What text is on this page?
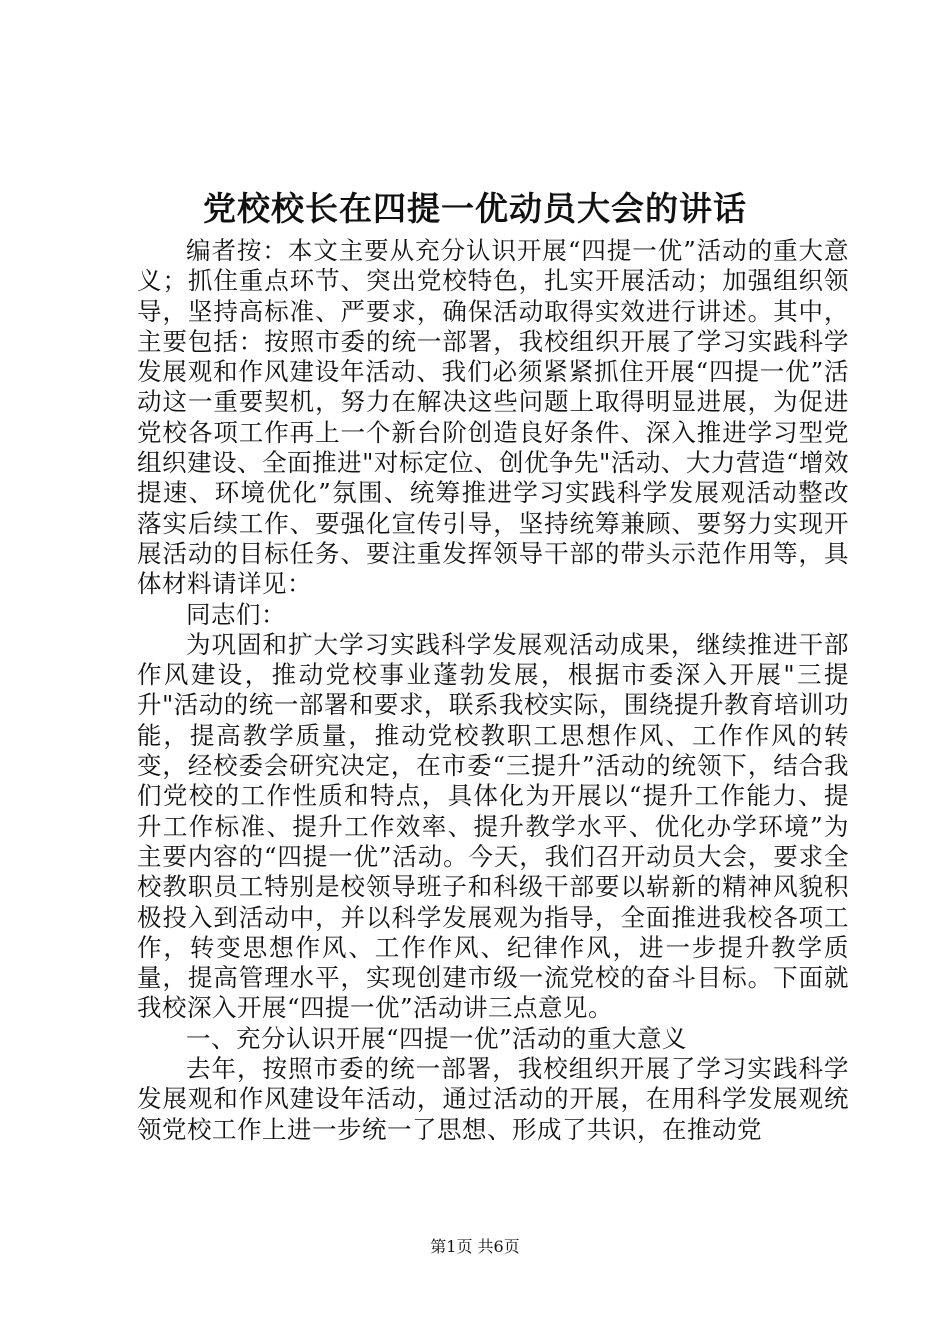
党校校长在四提一优动员大会的讲话

编者按：本文主要从充分认识开展“四提一优”活动的重大意义；抓住重点环节、突出党校特色，扎实开展活动；加强组织领导，坚持高标准、严要求，确保活动取得实效进行讲述。其中，主要包括：按照市委的统一部署，我校组织开展了学习实践科学发展观和作风建设年活动、我们必须紧紧抓住开展“四提一优”活动这一重要契机，努力在解决这些问题上取得明显进展，为促进党校各项工作再上一个新台阶创造良好条件、深入推进学习型党组织建设、全面推进"对标定位、创优争先"活动、大力营造“增效提速、环境优化”氛围、统筹推进学习实践科学发展观活动整改落实后续工作、要强化宣传引导，坚持统筹兼顾、要努力实现开展活动的目标任务、要注重发挥领导干部的带头示范作用等，具体材料请详见：

同志们：

为巩固和扩大学习实践科学发展观活动成果，继续推进干部作风建设，推动党校事业蓬勃发展，根据市委深入开展"三提升"活动的统一部署和要求，联系我校实际，围绕提升教育培训功能，提高教学质量，推动党校教职工思想作风、工作作风的转变，经校委会研究决定，在市委“三提升”活动的统领下，结合我们党校的工作性质和特点，具体化为开展以“提升工作能力、提升工作标准、提升工作效率、提升教学水平、优化办学环境”为主要内容的“四提一优”活动。今天，我们召开动员大会，要求全校教职员工特别是校领导班子和科级干部要以崭新的精神风貌积极投入到活动中，并以科学发展观为指导，全面推进我校各项工作，转变思想作风、工作作风、纪律作风，进一步提升教学质量，提高管理水平，实现创建市级一流党校的奋斗目标。下面就我校深入开展“四提一优”活动讲三点意见。

一、充分认识开展“四提一优”活动的重大意义

去年，按照市委的统一部署，我校组织开展了学习实践科学发展观和作风建设年活动，通过活动的开展，在用科学发展观统领党校工作上进一步统一了思想、形成了共识，在推动党

第1页 共6页
